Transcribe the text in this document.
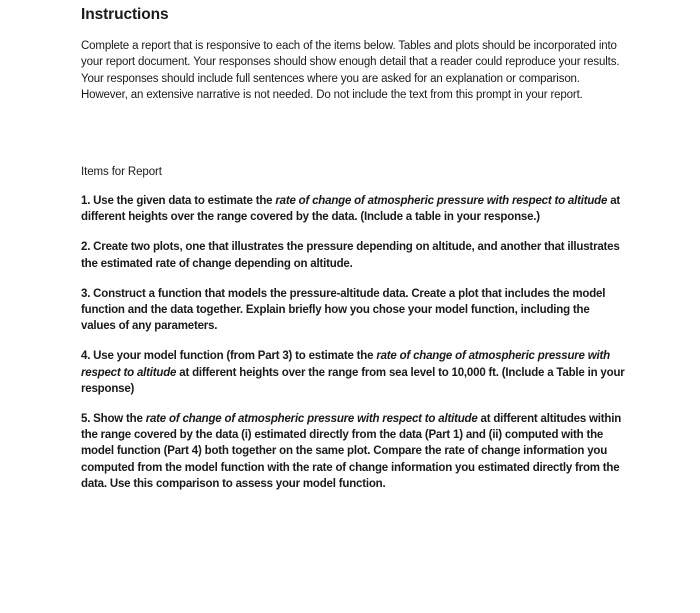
Instructions
Complete a report that is responsive to each of the items below. Tables and plots should be incorporated into your report document. Your responses should show enough detail that a reader could reproduce your results. Your responses should include full sentences where you are asked for an explanation or comparison. However, an extensive narrative is not needed. Do not include the text from this prompt in your report.
Items for Report

1. Use the given data to estimate the rate of change of atmospheric pressure with respect to altitude at different heights over the range covered by the data. (Include a table in your response.)

2. Create two plots, one that illustrates the pressure depending on altitude, and another that illustrates the estimated rate of change depending on altitude.

3. Construct a function that models the pressure-altitude data. Create a plot that includes the model function and the data together. Explain briefly how you chose your model function, including the values of any parameters.

4. Use your model function (from Part 3) to estimate the rate of change of atmospheric pressure with respect to altitude at different heights over the range from sea level to 10,000 ft. (Include a Table in your response)

5. Show the rate of change of atmospheric pressure with respect to altitude at different altitudes within the range covered by the data (i) estimated directly from the data (Part 1) and (ii) computed with the model function (Part 4) both together on the same plot. Compare the rate of change information you computed from the model function with the rate of change information you estimated directly from the data. Use this comparison to assess your model function.
